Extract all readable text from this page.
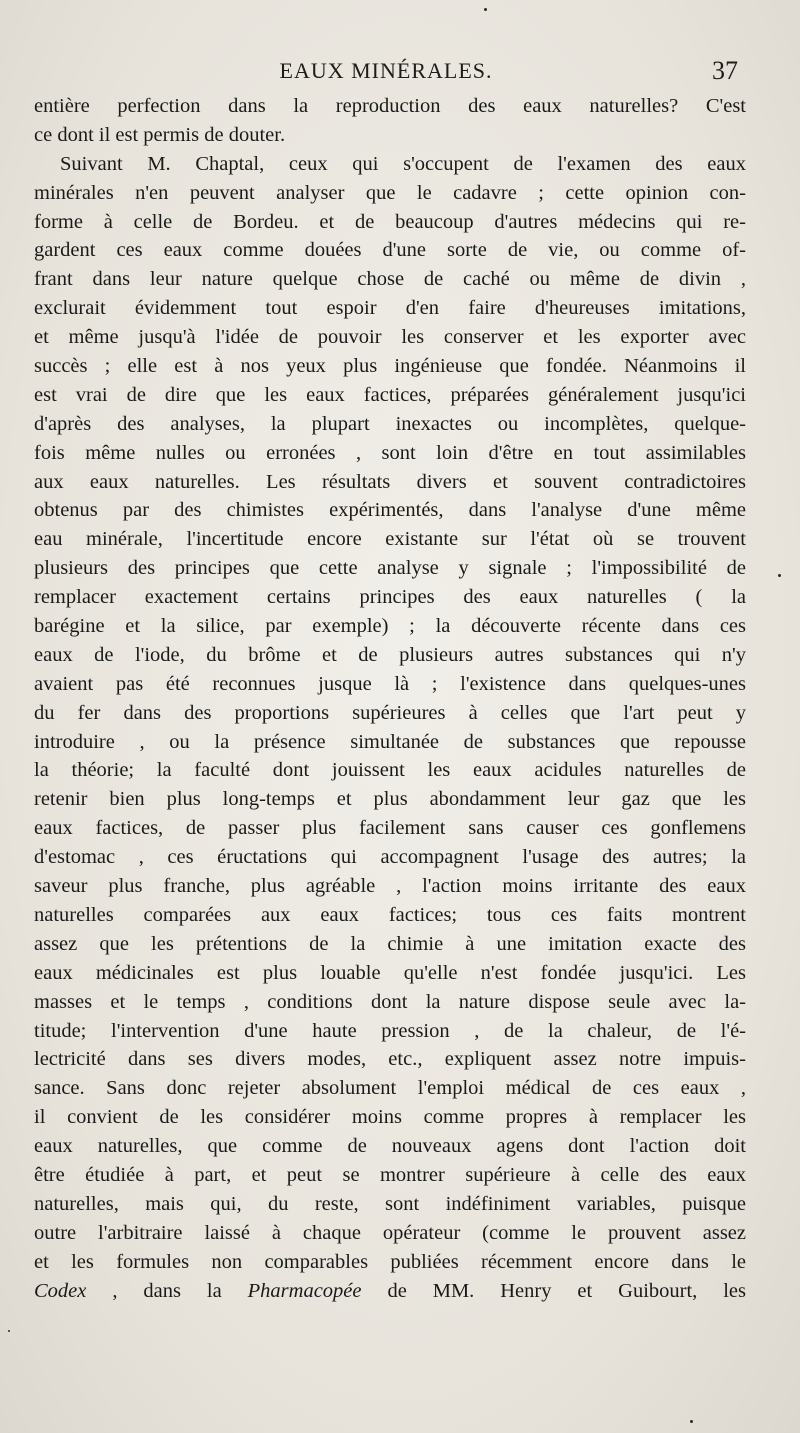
EAUX MINÉRALES.	37
entière perfection dans la reproduction des eaux naturelles? C'est
ce dont il est permis de douter.
Suivant M. Chaptal, ceux qui s'occupent de l'examen des eaux
minérales n'en peuvent analyser que le cadavre ; cette opinion con-
forme à celle de Bordeu. et de beaucoup d'autres médecins qui re-
gardent ces eaux comme douées d'une sorte de vie, ou comme of-
frant dans leur nature quelque chose de caché ou même de divin ,
exclurait évidemment tout espoir d'en faire d'heureuses imitations,
et même jusqu'à l'idée de pouvoir les conserver et les exporter avec
succès ; elle est à nos yeux plus ingénieuse que fondée. Néanmoins il
est vrai de dire que les eaux factices, préparées généralement jusqu'ici
d'après des analyses, la plupart inexactes ou incomplètes, quelque-
fois même nulles ou erronées , sont loin d'être en tout assimilables
aux eaux naturelles. Les résultats divers et souvent contradictoires
obtenus par des chimistes expérimentés, dans l'analyse d'une même
eau minérale, l'incertitude encore existante sur l'état où se trouvent
plusieurs des principes que cette analyse y signale ; l'impossibilité de
remplacer exactement certains principes des eaux naturelles ( la
barégine et la silice, par exemple) ; la découverte récente dans ces
eaux de l'iode, du brôme et de plusieurs autres substances qui n'y
avaient pas été reconnues jusque là ; l'existence dans quelques-unes
du fer dans des proportions supérieures à celles que l'art peut y
introduire , ou la présence simultanée de substances que repousse
la théorie; la faculté dont jouissent les eaux acidules naturelles de
retenir bien plus long-temps et plus abondamment leur gaz que les
eaux factices, de passer plus facilement sans causer ces gonflemens
d'estomac , ces éructations qui accompagnent l'usage des autres; la
saveur plus franche, plus agréable , l'action moins irritante des eaux
naturelles comparées aux eaux factices; tous ces faits montrent
assez que les prétentions de la chimie à une imitation exacte des
eaux médicinales est plus louable qu'elle n'est fondée jusqu'ici. Les
masses et le temps , conditions dont la nature dispose seule avec la-
titude; l'intervention d'une haute pression , de la chaleur, de l'é-
lectricité dans ses divers modes, etc., expliquent assez notre impuis-
sance. Sans donc rejeter absolument l'emploi médical de ces eaux ,
il convient de les considérer moins comme propres à remplacer les
eaux naturelles, que comme de nouveaux agens dont l'action doit
être étudiée à part, et peut se montrer supérieure à celle des eaux
naturelles, mais qui, du reste, sont indéfiniment variables, puisque
outre l'arbitraire laissé à chaque opérateur (comme le prouvent assez
et les formules non comparables publiées récemment encore dans le
Codex , dans la Pharmacopée de MM. Henry et Guibourt, les
